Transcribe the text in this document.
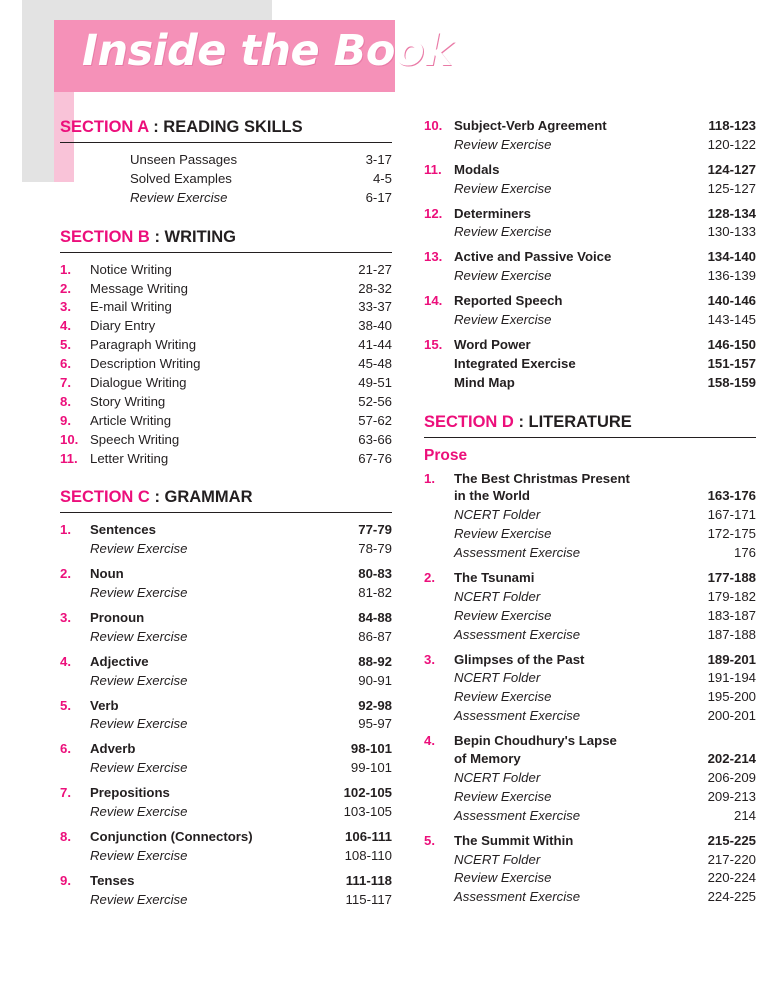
Inside the Book
SECTION A : READING SKILLS
Unseen Passages	3-17
Solved Examples	4-5
Review Exercise	6-17
SECTION B : WRITING
1.	Notice Writing	21-27
2.	Message Writing	28-32
3.	E-mail Writing	33-37
4.	Diary Entry	38-40
5.	Paragraph Writing	41-44
6.	Description Writing	45-48
7.	Dialogue Writing	49-51
8.	Story Writing	52-56
9.	Article Writing	57-62
10. Speech Writing	63-66
11. Letter Writing	67-76
SECTION C : GRAMMAR
1.	Sentences	77-79
Review Exercise	78-79
2.	Noun	80-83
Review Exercise	81-82
3.	Pronoun	84-88
Review Exercise	86-87
4.	Adjective	88-92
Review Exercise	90-91
5.	Verb	92-98
Review Exercise	95-97
6.	Adverb	98-101
Review Exercise	99-101
7.	Prepositions	102-105
Review Exercise	103-105
8.	Conjunction (Connectors)	106-111
Review Exercise	108-110
9.	Tenses	111-118
Review Exercise	115-117
10. Subject-Verb Agreement	118-123
Review Exercise	120-122
11. Modals	124-127
Review Exercise	125-127
12. Determiners	128-134
Review Exercise	130-133
13. Active and Passive Voice	134-140
Review Exercise	136-139
14. Reported Speech	140-146
Review Exercise	143-145
15. Word Power	146-150
Integrated Exercise	151-157
Mind Map	158-159
SECTION D : LITERATURE
Prose
1.	The Best Christmas Present
in the World	163-176
NCERT Folder	167-171
Review Exercise	172-175
Assessment Exercise	176
2.	The Tsunami	177-188
NCERT Folder	179-182
Review Exercise	183-187
Assessment Exercise	187-188
3.	Glimpses of the Past	189-201
NCERT Folder	191-194
Review Exercise	195-200
Assessment Exercise	200-201
4.	Bepin Choudhury's Lapse
of Memory	202-214
NCERT Folder	206-209
Review Exercise	209-213
Assessment Exercise	214
5.	The Summit Within	215-225
NCERT Folder	217-220
Review Exercise	220-224
Assessment Exercise	224-225
